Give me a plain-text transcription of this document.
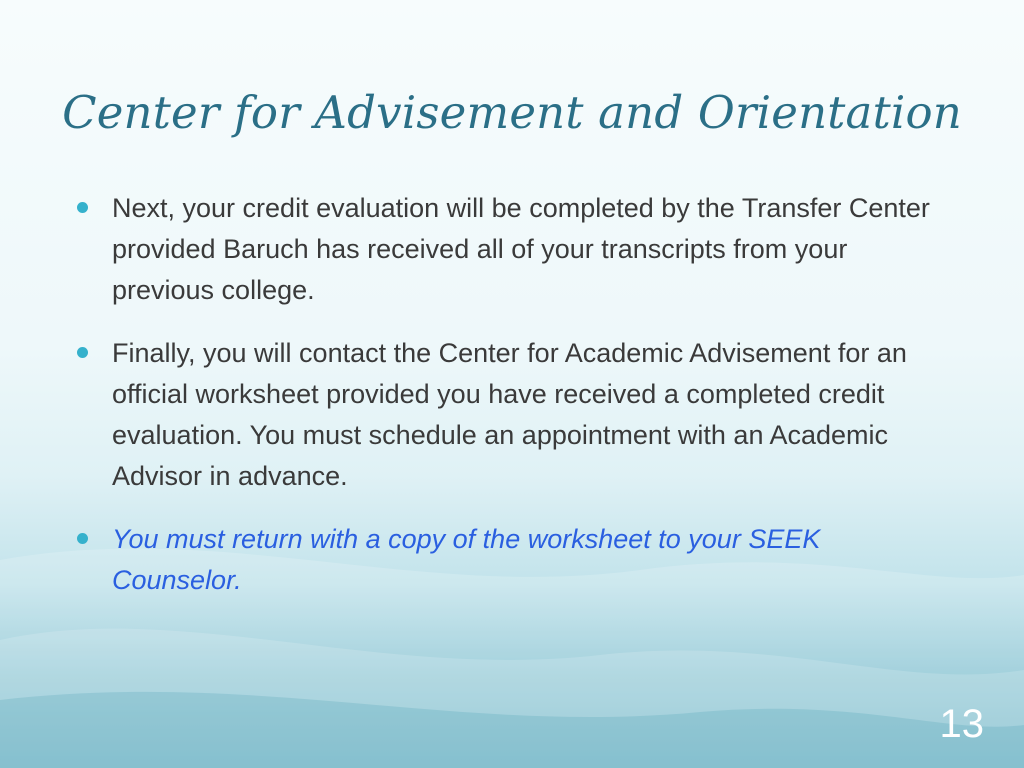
Center for Advisement and Orientation
Next, your credit evaluation will be completed by the Transfer Center provided Baruch has received all of your transcripts from your previous college.
Finally, you will contact the Center for Academic Advisement for an official worksheet provided you have received a completed credit evaluation. You must schedule an appointment with an Academic Advisor in advance.
You must return with a copy of the worksheet to your SEEK Counselor.
13
